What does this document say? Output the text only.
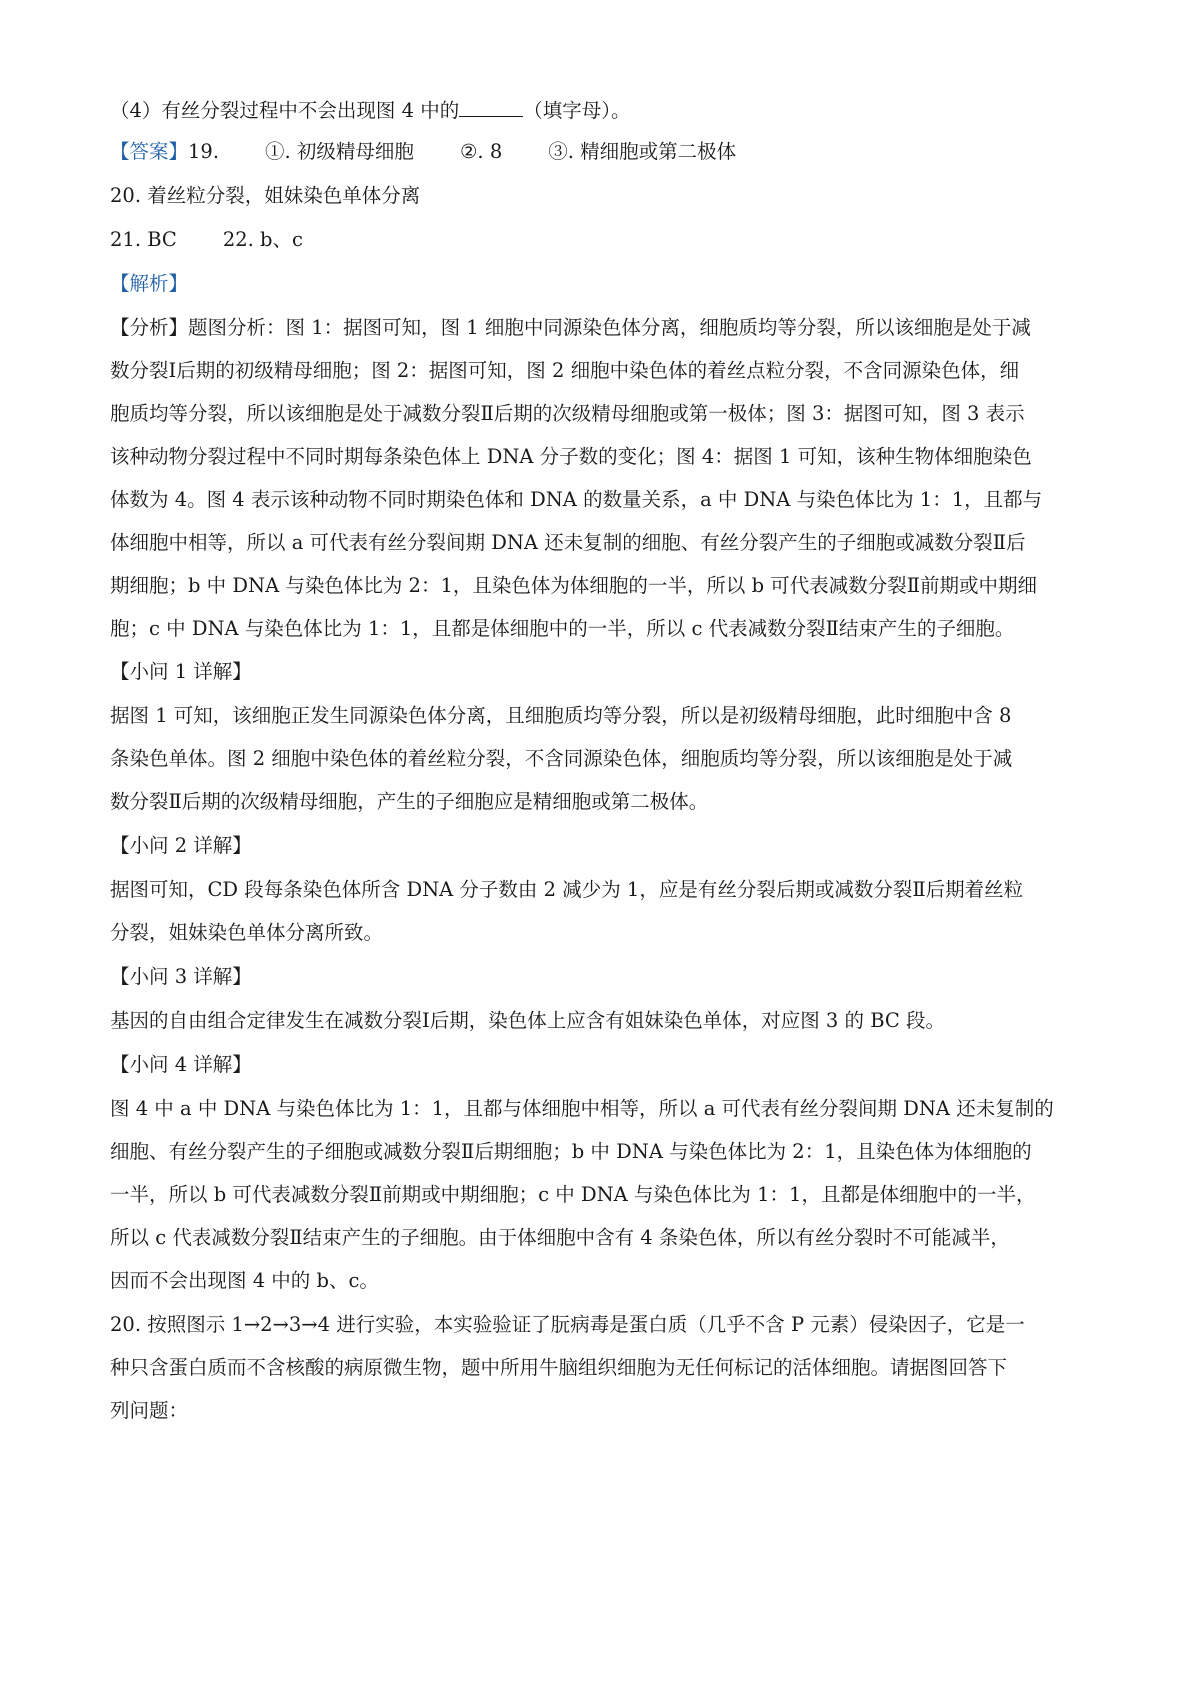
（4）有丝分裂过程中不会出现图 4 中的	（填字母）。

【答案】19. ①. 初级精母细胞 ②. 8 ③. 精细胞或第二极体

20. 着丝粒分裂，姐妹染色单体分离

21. BC 22. b、c

【解析】

【分析】题图分析：图 1：据图可知，图 1 细胞中同源染色体分离，细胞质均等分裂，所以该细胞是处于减

数分裂Ⅰ后期的初级精母细胞；图 2：据图可知，图 2 细胞中染色体的着丝点粒分裂，不含同源染色体，细

胞质均等分裂，所以该细胞是处于减数分裂Ⅱ后期的次级精母细胞或第一极体；图 3：据图可知，图 3 表示

该种动物分裂过程中不同时期每条染色体上 DNA 分子数的变化；图 4：据图 1 可知，该种生物体细胞染色

体数为 4。图 4 表示该种动物不同时期染色体和 DNA 的数量关系，a 中 DNA 与染色体比为 1：1，且都与

体细胞中相等，所以 a 可代表有丝分裂间期 DNA 还未复制的细胞、有丝分裂产生的子细胞或减数分裂Ⅱ后

期细胞；b 中 DNA 与染色体比为 2：1，且染色体为体细胞的一半，所以 b 可代表减数分裂Ⅱ前期或中期细

胞；c 中 DNA 与染色体比为 1：1，且都是体细胞中的一半，所以 c 代表减数分裂Ⅱ结束产生的子细胞。

【小问 1 详解】

据图 1 可知，该细胞正发生同源染色体分离，且细胞质均等分裂，所以是初级精母细胞，此时细胞中含 8

条染色单体。图 2 细胞中染色体的着丝粒分裂，不含同源染色体，细胞质均等分裂，所以该细胞是处于减

数分裂Ⅱ后期的次级精母细胞，产生的子细胞应是精细胞或第二极体。

【小问 2 详解】

据图可知，CD 段每条染色体所含 DNA 分子数由 2 减少为 1，应是有丝分裂后期或减数分裂Ⅱ后期着丝粒

分裂，姐妹染色单体分离所致。

【小问 3 详解】

基因的自由组合定律发生在减数分裂Ⅰ后期，染色体上应含有姐妹染色单体，对应图 3 的 BC 段。

【小问 4 详解】

图 4 中 a 中 DNA 与染色体比为 1：1，且都与体细胞中相等，所以 a 可代表有丝分裂间期 DNA 还未复制的

细胞、有丝分裂产生的子细胞或减数分裂Ⅱ后期细胞；b 中 DNA 与染色体比为 2：1，且染色体为体细胞的

一半，所以 b 可代表减数分裂Ⅱ前期或中期细胞；c 中 DNA 与染色体比为 1：1，且都是体细胞中的一半，

所以 c 代表减数分裂Ⅱ结束产生的子细胞。由于体细胞中含有 4 条染色体，所以有丝分裂时不可能减半，

因而不会出现图 4 中的 b、c。

20. 按照图示 1→2→3→4 进行实验，本实验验证了朊病毒是蛋白质（几乎不含 P 元素）侵染因子，它是一

种只含蛋白质而不含核酸的病原微生物，题中所用牛脑组织细胞为无任何标记的活体细胞。请据图回答下

列问题：
